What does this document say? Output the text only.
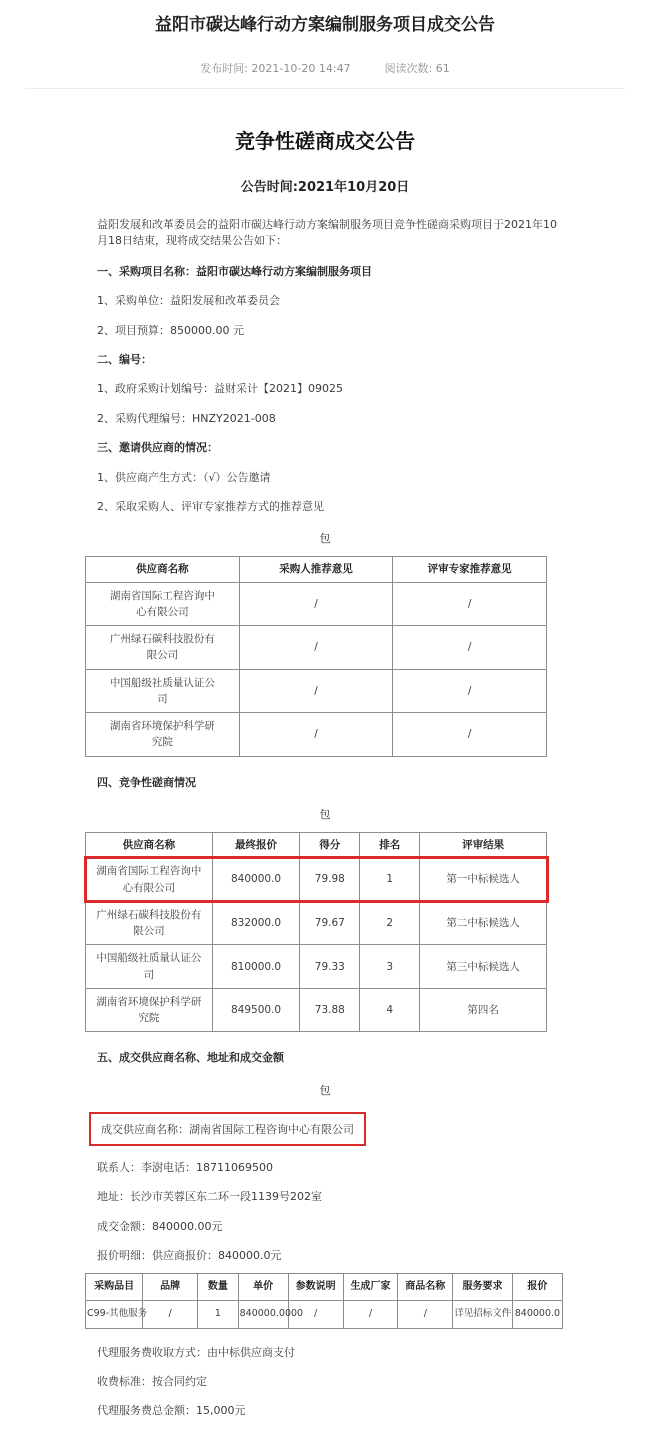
益阳市碳达峰行动方案编制服务项目成交公告
发布时间: 2021-10-20 14:47	阅读次数: 61
竞争性磋商成交公告
公告时间:2021年10月20日
益阳发展和改革委员会的益阳市碳达峰行动方案编制服务项目竞争性磋商采购项目于2021年10月18日结束，现将成交结果公告如下：
一、采购项目名称：益阳市碳达峰行动方案编制服务项目
1、采购单位：益阳发展和改革委员会
2、项目预算：850000.00 元
二、编号：
1、政府采购计划编号：益财采计【2021】09025
2、采购代理编号：HNZY2021-008
三、邀请供应商的情况：
1、供应商产生方式：（√）公告邀请
2、采取采购人、评审专家推荐方式的推荐意见
包
供应商名称	采购人推荐意见	评审专家推荐意见
湖南省国际工程咨询中心有限公司	/	/
广州绿石碳科技股份有限公司	/	/
中国船级社质量认证公司	/	/
湖南省环境保护科学研究院	/	/
四、竞争性磋商情况
包
供应商名称	最终报价	得分	排名	评审结果
湖南省国际工程咨询中心有限公司	840000.0	79.98	1	第一中标候选人
广州绿石碳科技股份有限公司	832000.0	79.67	2	第二中标候选人
中国船级社质量认证公司	810000.0	79.33	3	第三中标候选人
湖南省环境保护科学研究院	849500.0	73.88	4	第四名
五、成交供应商名称、地址和成交金额
包
成交供应商名称：湖南省国际工程咨询中心有限公司
联系人：李澍电话：18711069500
地址：长沙市芙蓉区东二环一段1139号202室
成交金额：840000.00元
报价明细：供应商报价：840000.0元
采购品目	品牌	数量	单价	参数说明	生成厂家	商品名称	服务要求	报价
C99-其他服务	/	1	840000.0000	/	/	/	详见招标文件	840000.0
代理服务费收取方式：由中标供应商支付
收费标准：按合同约定
代理服务费总金额：15,000元
